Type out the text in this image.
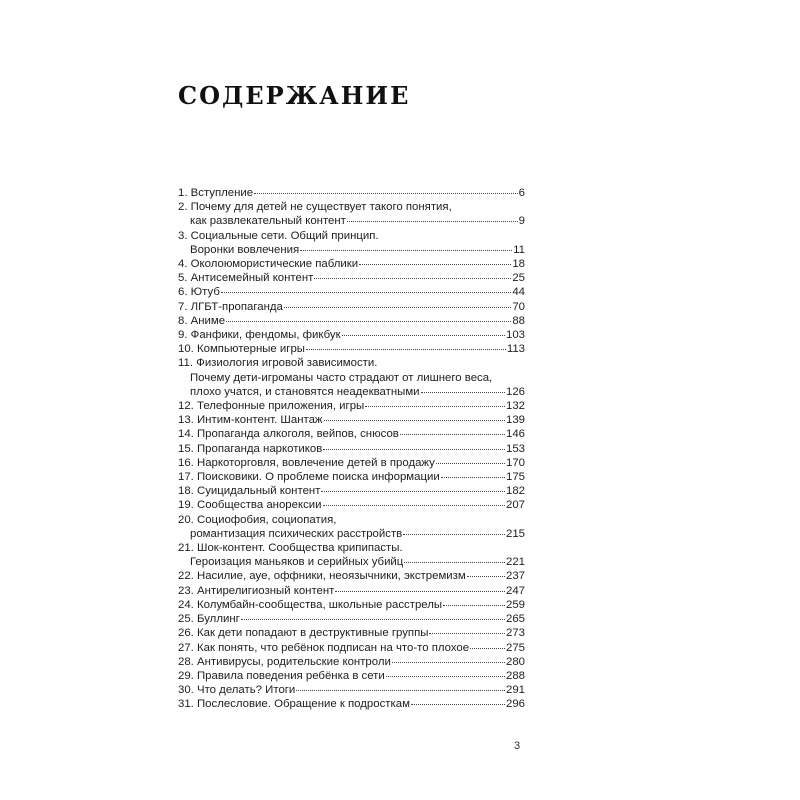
СОДЕРЖАНИЕ
1. Вступление	6
2. Почему для детей не существует такого понятия,
как развлекательный контент	9
3. Социальные сети. Общий принцип.
Воронки вовлечения	11
4. Околоюмористические паблики	18
5. Антисемейный контент	25
6. Ютуб	44
7. ЛГБТ-пропаганда	70
8. Аниме	88
9. Фанфики, фендомы, фикбук	103
10. Компьютерные игры	113
11. Физиология игровой зависимости.
Почему дети-игроманы часто страдают от лишнего веса,
плохо учатся, и становятся неадекватными	126
12. Телефонные приложения, игры	132
13. Интим-контент. Шантаж	139
14. Пропаганда алкоголя, вейпов, снюсов	146
15. Пропаганда наркотиков	153
16. Наркоторговля, вовлечение детей в продажу	170
17. Поисковики. О проблеме поиска информации	175
18. Суицидальный контент	182
19. Сообщества анорексии	207
20. Социофобия, социопатия,
романтизация психических расстройств	215
21. Шок-контент. Сообщества крипипасты.
Героизация маньяков и серийных убийц	221
22. Насилие, ауе, оффники, неоязычники, экстремизм	237
23. Антирелигиозный контент	247
24. Колумбайн-сообщества, школьные расстрелы	259
25. Буллинг	265
26. Как дети попадают в деструктивные группы	273
27. Как понять, что ребёнок подписан на что-то плохое	275
28. Антивирусы, родительские контроли	280
29. Правила поведения ребёнка в сети	288
30. Что делать? Итоги	291
31. Послесловие. Обращение к подросткам	296
3
